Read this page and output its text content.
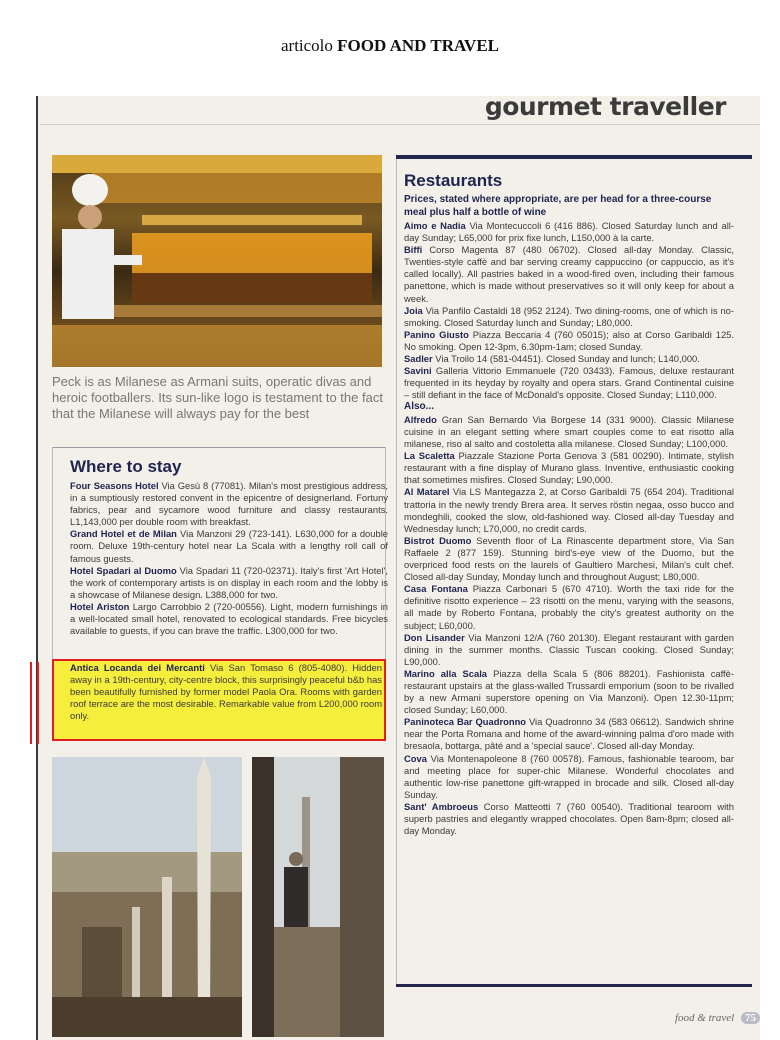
articolo FOOD AND TRAVEL
gourmet traveller
Peck is as Milanese as Armani suits, operatic divas and heroic footballers. Its sun-like logo is testament to the fact that the Milanese will always pay for the best
Where to stay
Four Seasons Hotel Via Gesù 8 (77081). Milan's most prestigious address, in a sumptiously restored convent in the epicentre of designerland. Fortuny fabrics, pear and sycamore wood furniture and classy restaurants. L1,143,000 per double room with breakfast.
Grand Hotel et de Milan Via Manzoni 29 (723-141). L630,000 for a double room. Deluxe 19th-century hotel near La Scala with a lengthy roll call of famous guests.
Hotel Spadari al Duomo Via Spadari 11 (720-02371). Italy's first 'Art Hotel', the work of contemporary artists is on display in each room and the lobby is a showcase of Milanese design. L388,000 for two.
Hotel Ariston Largo Carrobbio 2 (720-00556). Light, modern furnishings in a well-located small hotel, renovated to ecological standards. Free bicycles available to guests, if you can brave the traffic. L300,000 for two.
Antica Locanda dei Mercanti Via San Tomaso 6 (805-4080). Hidden away in a 19th-century, city-centre block, this surprisingly peaceful b&b has been beautifully furnished by former model Paola Ora. Rooms with garden roof terrace are the most desirable. Remarkable value from L200,000 room only.
Restaurants
Prices, stated where appropriate, are per head for a three-course meal plus half a bottle of wine
Aimo e Nadia Via Montecuccoli 6 (416 886). Closed Saturday lunch and all-day Sunday; L65,000 for prix fixe lunch, L150,000 à la carte.
Biffi Corso Magenta 87 (480 06702). Closed all-day Monday. Classic, Twenties-style caffè and bar serving creamy cappuccino (or cappuccio, as it's called locally). All pastries baked in a wood-fired oven, including their famous panettone, which is made without preservatives so it will only keep for about a week.
Joia Via Panfilo Castaldi 18 (952 2124). Two dining-rooms, one of which is no-smoking. Closed Saturday lunch and Sunday; L80,000.
Panino Giusto Piazza Beccaria 4 (760 05015); also at Corso Garibaldi 125. No smoking. Open 12-3pm, 6.30pm-1am; closed Sunday.
Sadler Via Troilo 14 (581-04451). Closed Sunday and lunch; L140,000.
Savini Galleria Vittorio Emmanuele (720 03433). Famous, deluxe restaurant frequented in its heyday by royalty and opera stars. Grand Continental cuisine – still defiant in the face of McDonald's opposite. Closed Sunday; L110,000.
Also...
Alfredo Gran San Bernardo Via Borgese 14 (331 9000). Classic Milanese cuisine in an elegant setting where smart couples come to eat risotto alla milanese, riso al salto and costoletta alla milanese. Closed Sunday; L100,000.
La Scaletta Piazzale Stazione Porta Genova 3 (581 00290). Intimate, stylish restaurant with a fine display of Murano glass. Inventive, enthusiastic cooking that sometimes misfires. Closed Sunday; L90,000.
Al Matarel Via LS Mantegazza 2, at Corso Garibaldi 75 (654 204). Traditional trattoria in the newly trendy Brera area. It serves röstin negaa, osso bucco and mondeghili, cooked the slow, old-fashioned way. Closed all-day Tuesday and Wednesday lunch; L70,000, no credit cards.
Bistrot Duomo Seventh floor of La Rinascente department store, Via San Raffaele 2 (877 159). Stunning bird's-eye view of the Duomo, but the overpriced food rests on the laurels of Gaultiero Marchesi, Milan's cult chef. Closed all-day Sunday, Monday lunch and throughout August; L80,000.
Casa Fontana Piazza Carbonari 5 (670 4710). Worth the taxi ride for the definitive risotto experience – 23 risotti on the menu, varying with the seasons, all made by Roberto Fontana, probably the city's greatest authority on the subject; L60,000.
Don Lisander Via Manzoni 12/A (760 20130). Elegant restaurant with garden dining in the summer months. Classic Tuscan cooking. Closed Sunday; L90,000.
Marino alla Scala Piazza della Scala 5 (806 88201). Fashionista caffè-restaurant upstairs at the glass-walled Trussardi emporium (soon to be rivalled by a new Armani superstore opening on Via Manzoni). Open 12.30-11pm; closed Sunday; L60,000.
Paninoteca Bar Quadronno Via Quadronno 34 (583 06612). Sandwich shrine near the Porta Romana and home of the award-winning palma d'oro made with bresaola, bottarga, pâté and a 'special sauce'. Closed all-day Monday.
Cova Via Montenapoleone 8 (760 00578). Famous, fashionable tearoom, bar and meeting place for super-chic Milanese. Wonderful chocolates and authentic low-rise panettone gift-wrapped in brocade and silk. Closed all-day Sunday.
Sant' Ambroeus Corso Matteotti 7 (760 00540). Traditional tearoom with superb pastries and elegantly wrapped chocolates. Open 8am-8pm; closed all-day Monday.
food & travel 75
